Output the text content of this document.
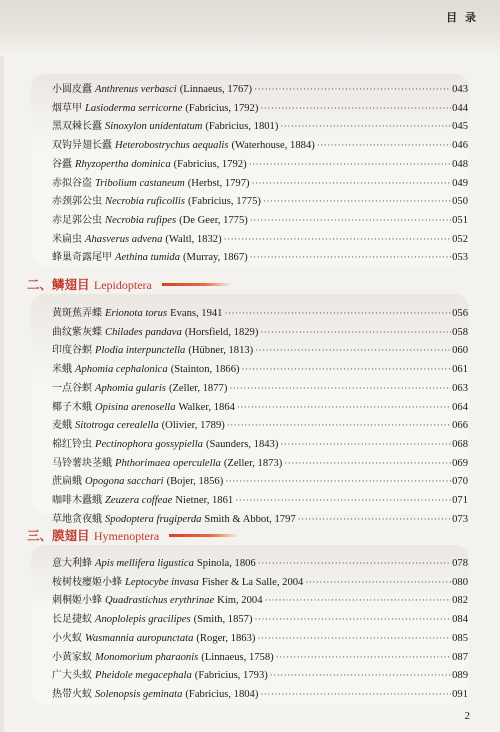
目 录
二、鳞翅目 Lepidoptera
三、膜翅目 Hymenoptera
小圆皮蠹 Anthrenus verbasci (Linnaeus, 1767) ·····	043
烟草甲 Lasioderma serricorne (Fabricius, 1792) ·····	044
黑双棘长蠹 Sinoxylon unidentatum (Fabricius, 1801) ·····	045
双钩异翅长蠹 Heterobostrychus aequalis (Waterhouse, 1884) ·····	046
谷蠹 Rhyzopertha dominica (Fabricius, 1792) ·····	048
赤拟谷盗 Tribolium castaneum (Herbst, 1797) ·····	049
赤颈郭公虫 Necrobia ruficollis (Fabricius, 1775) ·····	050
赤足郭公虫 Necrobia rufipes (De Geer, 1775) ·····	051
米扁虫 Ahasverus advena (Waltl, 1832) ·····	052
蜂巢奇露尾甲 Aethina tumida (Murray, 1867) ·····	053
黄斑蕉弄蝶 Erionota torus Evans, 1941 ·····	056
曲纹紫灰蝶 Chilades pandava (Horsfield, 1829) ·····	058
印度谷螟 Plodia interpunctella (Hübner, 1813) ·····	060
米蛾 Aphomia cephalonica (Stainton, 1866) ·····	061
一点谷螟 Aphomia gularis (Zeller, 1877) ·····	063
椰子木蛾 Opisina arenosella Walker, 1864 ·····	064
麦蛾 Sitotroga cerealella (Olivier, 1789) ·····	066
棉红铃虫 Pectinophora gossypiella (Saunders, 1843) ·····	068
马铃薯块茎蛾 Phthorimaea operculella (Zeller, 1873) ·····	069
蔗扁蛾 Opogona sacchari (Bojer, 1856) ·····	070
咖啡木蠹蛾 Zeuzera coffeae Nietner, 1861 ·····	071
草地贪夜蛾 Spodoptera frugiperda Smith & Abbot, 1797 ·····	073
意大利蜂 Apis mellifera ligustica Spinola, 1806 ·····	078
桉树枝瘿姬小蜂 Leptocybe invasa Fisher & La Salle, 2004 ·····	080
刺桐姬小蜂 Quadrastichus erythrinae Kim, 2004 ·····	082
长足捷蚁 Anoplolepis gracilipes (Smith, 1857) ·····	084
小火蚁 Wasmannia auropunctata (Roger, 1863) ·····	085
小黄家蚁 Monomorium pharaonis (Linnaeus, 1758) ·····	087
广大头蚁 Pheidole megacephala (Fabricius, 1793) ·····	089
热带火蚁 Solenopsis geminata (Fabricius, 1804) ·····	091
2
